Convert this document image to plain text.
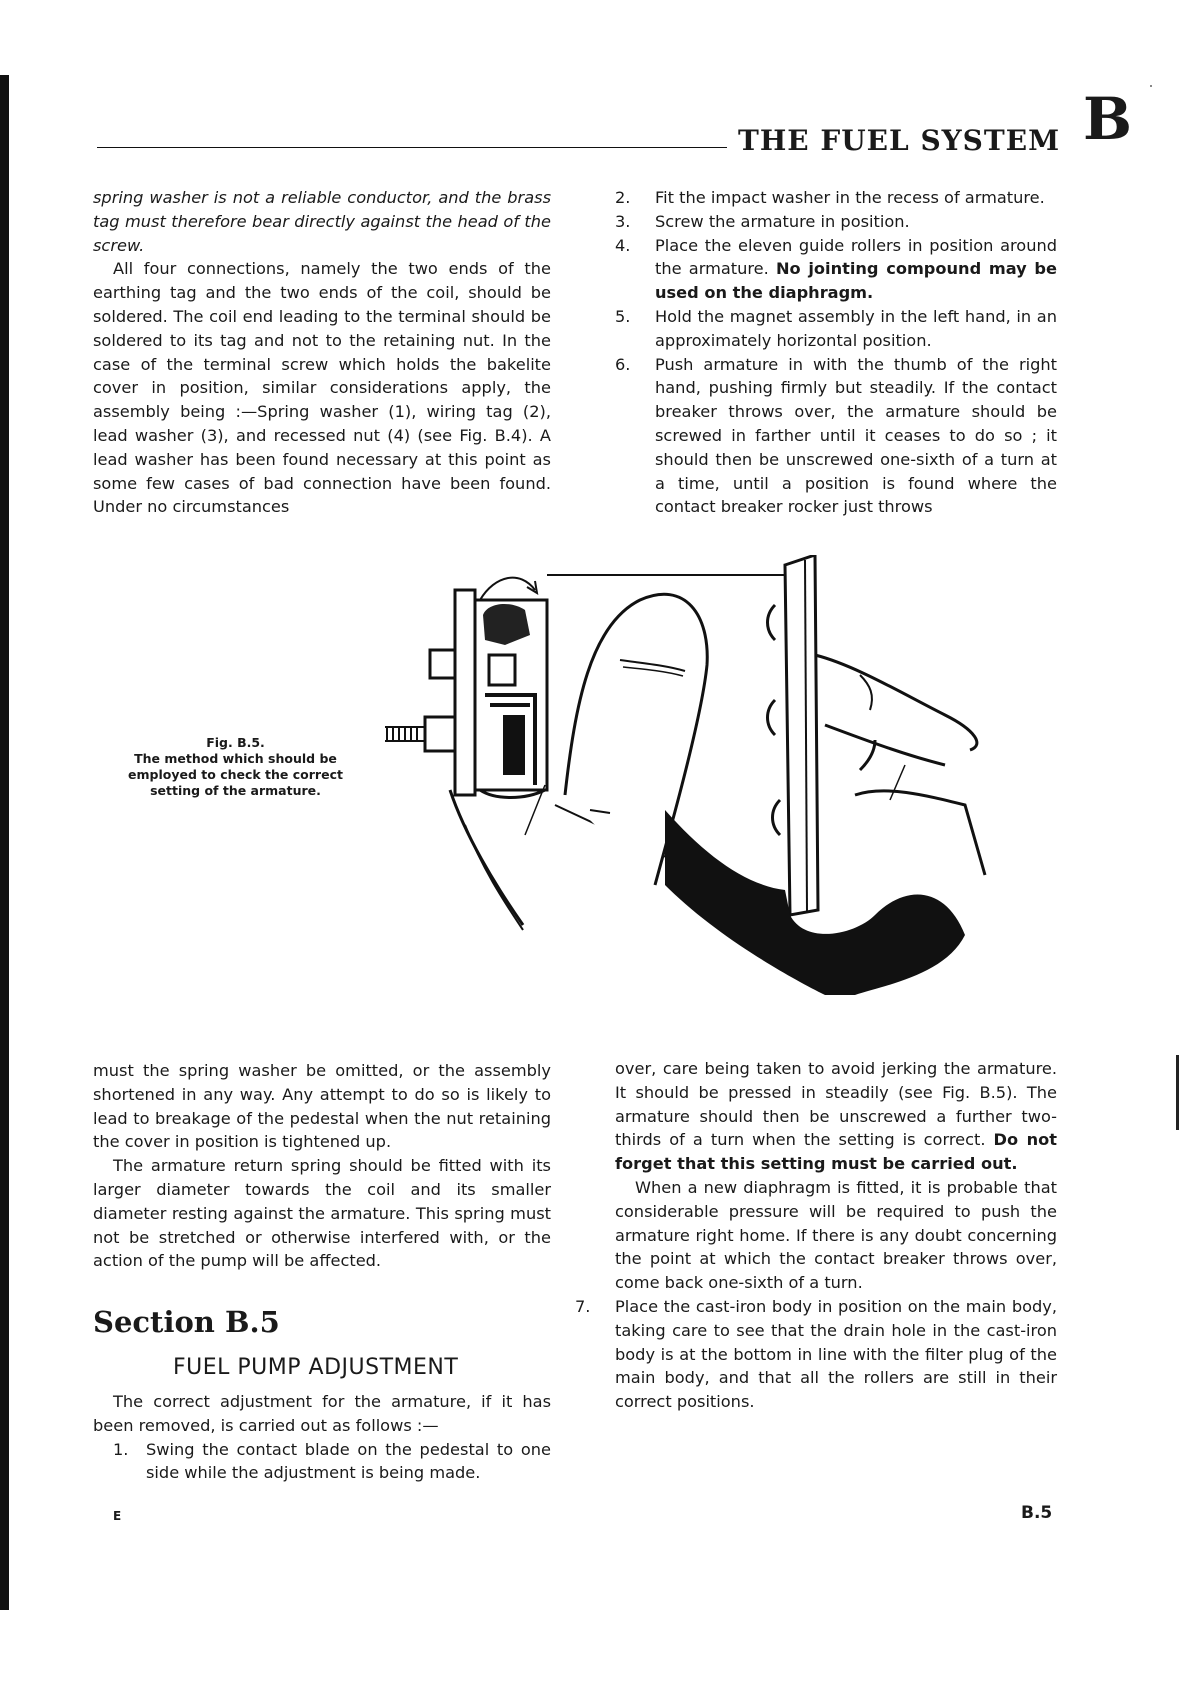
THE FUEL SYSTEM B

spring washer is not a reliable conductor, and the brass tag must therefore bear directly against the head of the screw.

All four connections, namely the two ends of the earthing tag and the two ends of the coil, should be soldered. The coil end leading to the terminal should be soldered to its tag and not to the retaining nut. In the case of the terminal screw which holds the bakelite cover in position, similar considerations apply, the assembly being :—Spring washer (1), wiring tag (2), lead washer (3), and recessed nut (4) (see Fig. B.4). A lead washer has been found necessary at this point as some few cases of bad connection have been found. Under no circumstances

2.	Fit the impact washer in the recess of armature.
3.	Screw the armature in position.
4.	Place the eleven guide rollers in position around the armature. No jointing compound may be used on the diaphragm.
5.	Hold the magnet assembly in the left hand, in an approximately horizontal position.
6.	Push armature in with the thumb of the right hand, pushing firmly but steadily. If the contact breaker throws over, the armature should be screwed in farther until it ceases to do so ; it should then be unscrewed one-sixth of a turn at a time, until a position is found where the contact breaker rocker just throws
Fig. B.5.
The method which should be employed to check the correct setting of the armature.

must the spring washer be omitted, or the assembly shortened in any way. Any attempt to do so is likely to lead to breakage of the pedestal when the nut retaining the cover in position is tightened up.

The armature return spring should be fitted with its larger diameter towards the coil and its smaller diameter resting against the armature. This spring must not be stretched or otherwise interfered with, or the action of the pump will be affected.

Section B.5
FUEL PUMP ADJUSTMENT

The correct adjustment for the armature, if it has been removed, is carried out as follows :—

1.	Swing the contact blade on the pedestal to one side while the adjustment is being made.

over, care being taken to avoid jerking the armature. It should be pressed in steadily (see Fig. B.5). The armature should then be unscrewed a further two-thirds of a turn when the setting is correct. Do not forget that this setting must be carried out.

When a new diaphragm is fitted, it is probable that considerable pressure will be required to push the armature right home. If there is any doubt concerning the point at which the contact breaker throws over, come back one-sixth of a turn.

7.	Place the cast-iron body in position on the main body, taking care to see that the drain hole in the cast-iron body is at the bottom in line with the filter plug of the main body, and that all the rollers are still in their correct positions.
E	B.5
